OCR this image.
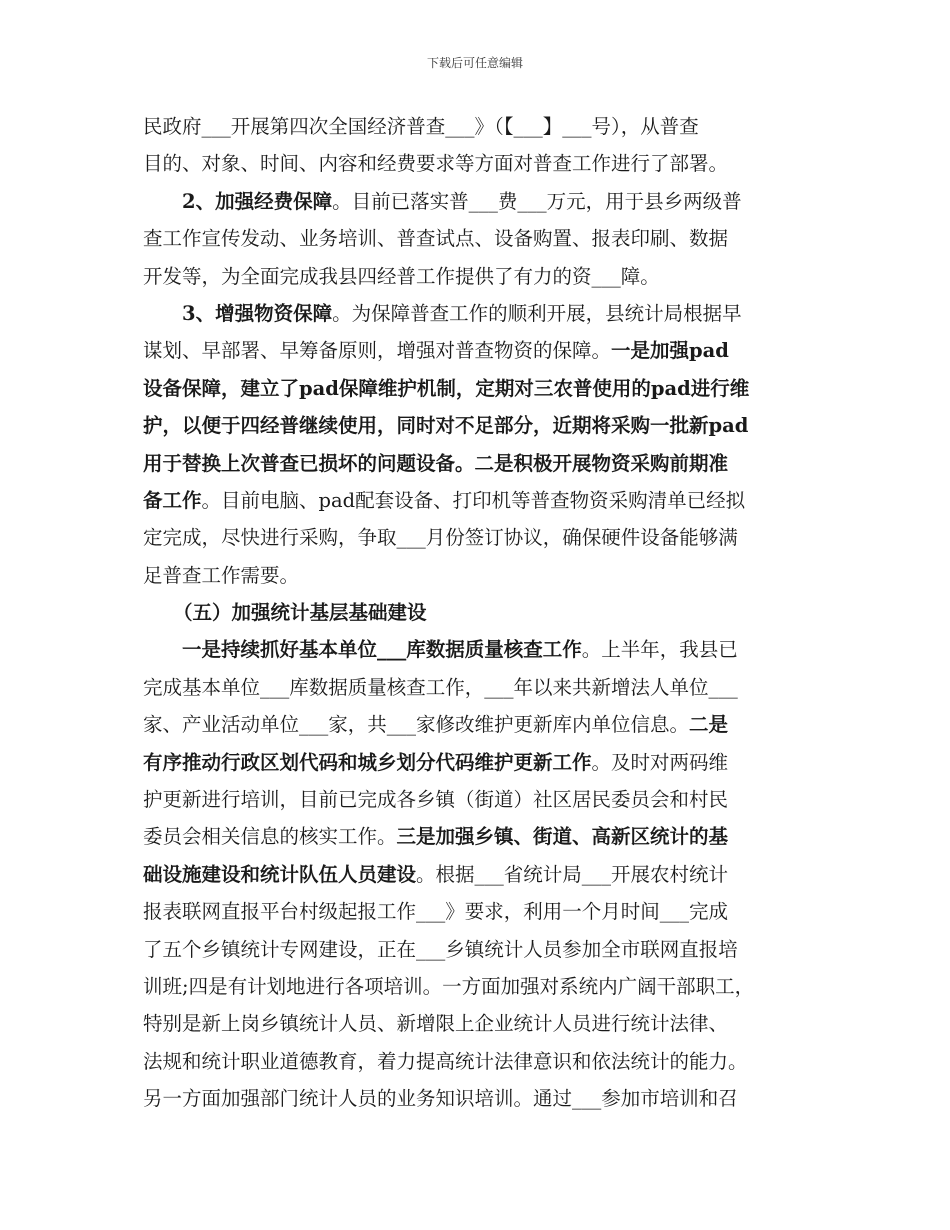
下载后可任意编辑
民政府___开展第四次全国经济普查___》（【___】___号），从普查
目的、对象、时间、内容和经费要求等方面对普查工作进行了部署。
2、加强经费保障。目前已落实普___费___万元，用于县乡两级普
查工作宣传发动、业务培训、普查试点、设备购置、报表印刷、数据
开发等，为全面完成我县四经普工作提供了有力的资___障。
3、增强物资保障。为保障普查工作的顺利开展，县统计局根据早
谋划、早部署、早筹备原则，增强对普查物资的保障。一是加强pad
设备保障，建立了pad保障维护机制，定期对三农普使用的pad进行维
护，以便于四经普继续使用，同时对不足部分，近期将采购一批新pad
用于替换上次普查已损坏的问题设备。二是积极开展物资采购前期准
备工作。目前电脑、pad配套设备、打印机等普查物资采购清单已经拟
定完成，尽快进行采购，争取___月份签订协议，确保硬件设备能够满
足普查工作需要。
（五）加强统计基层基础建设
一是持续抓好基本单位___库数据质量核查工作。上半年，我县已
完成基本单位___库数据质量核查工作，___年以来共新增法人单位___
家、产业活动单位___家，共___家修改维护更新库内单位信息。二是
有序推动行政区划代码和城乡划分代码维护更新工作。及时对两码维
护更新进行培训，目前已完成各乡镇（街道）社区居民委员会和村民
委员会相关信息的核实工作。三是加强乡镇、街道、高新区统计的基
础设施建设和统计队伍人员建设。根据___省统计局___开展农村统计
报表联网直报平台村级起报工作___》要求，利用一个月时间___完成
了五个乡镇统计专网建设，正在___乡镇统计人员参加全市联网直报培
训班;四是有计划地进行各项培训。一方面加强对系统内广阔干部职工，
特别是新上岗乡镇统计人员、新增限上企业统计人员进行统计法律、
法规和统计职业道德教育，着力提高统计法律意识和依法统计的能力。
另一方面加强部门统计人员的业务知识培训。通过___参加市培训和召
